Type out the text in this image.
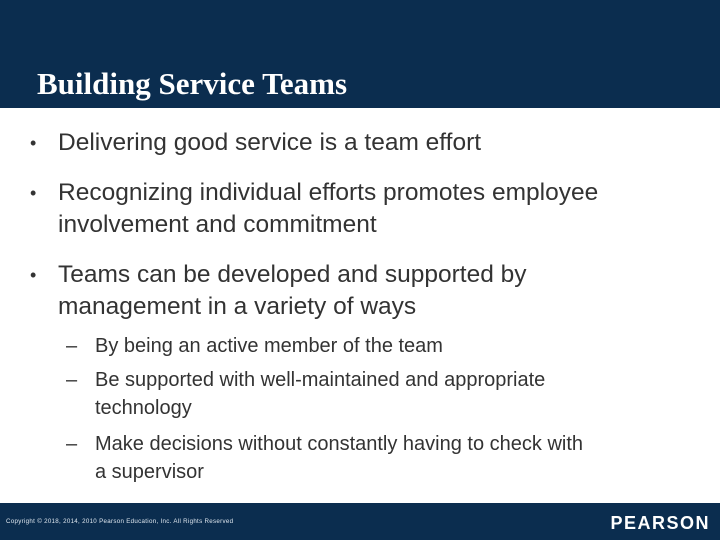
Building Service Teams
• Delivering good service is a team effort
• Recognizing individual efforts promotes employee
involvement and commitment
• Teams can be developed and supported by
management in a variety of ways
– By being an active member of the team
– Be supported with well-maintained and appropriate
technology
– Make decisions without constantly having to check with
a supervisor
Copyright © 2018, 2014, 2010 Pearson Education, Inc. All Rights Reserved	PEARSON
